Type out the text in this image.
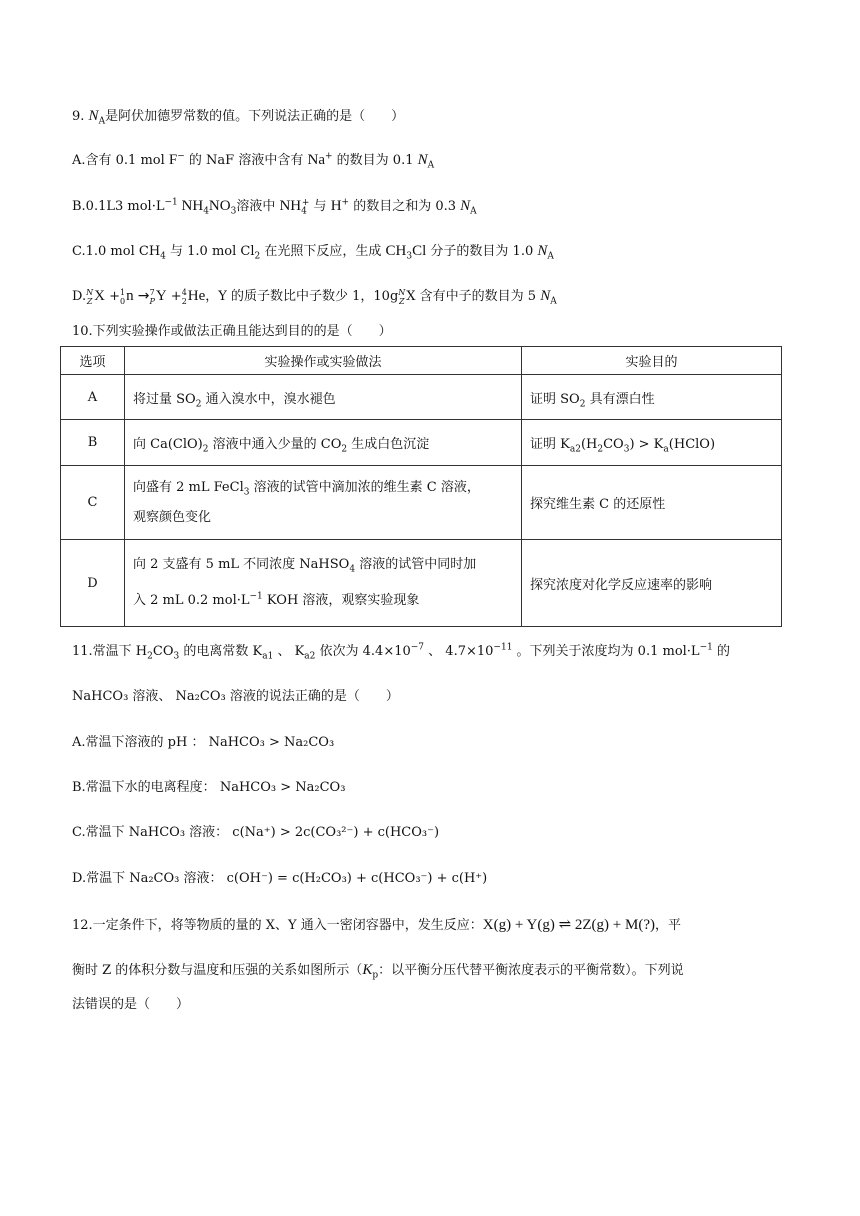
9. $N_A$是阿伏加德罗常数的值。下列说法正确的是（　　）
A.含有 0.1 mol F− 的 NaF 溶液中含有 Na+ 的数目为 0.1 $N_A$
B.0.1L3 $mol\cdot L^{-1}$ $NH_4NO_3$溶液中 $NH_4^+$ 与 H+ 的数目之和为 0.3 $N_A$
C.1.0 mol $CH_4$ 与 1.0 mol $Cl_2$ 在光照下反应，生成 $CH_3Cl$ 分子的数目为 1.0 $N_A$
D. N
Z X + 1
0 n → 7
P Y + 4
2 He，Y 的质子数比中子数少 1，10g N
Z X 含有中子的数目为 5 $N_A$
10.下列实验操作或做法正确且能达到目的的是（　　）
选项	实验操作或实验做法	实验目的
A	将过量 $SO_2$ 通入溴水中，溴水褪色	证明 $SO_2$ 具有漂白性
B	向 $Ca(ClO)_2$ 溶液中通入少量的 $CO_2$ 生成白色沉淀	证明 $K_{a2}(H_2CO_3)$ > $K_a(HClO)$
C	向盛有 2 mL FeCl$_3$ 溶液的试管中滴加浓的维生素 C 溶液，
观察颜色变化	探究维生素 C 的还原性
D	向 2 支盛有 5 mL 不同浓度 NaHSO$_4$ 溶液的试管中同时加
入 2 mL 0.2 $mol\cdot L^{-1}$ KOH 溶液，观察实验现象	探究浓度对化学反应速率的影响
11.常温下 $H_2CO_3$ 的电离常数 $K_{a1}$ 、 $K_{a2}$ 依次为 $4.4\times 10^{-7}$ 、 $4.7\times 10^{-11}$ 。下列关于浓度均为 0.1 $mol\cdot L^{-1}$ 的
NaHCO₃ 溶液、 Na₂CO₃ 溶液的说法正确的是（　　）
A.常温下溶液的 pH ： NaHCO₃ > Na₂CO₃
B.常温下水的电离程度： NaHCO₃ > Na₂CO₃
C.常温下 NaHCO₃ 溶液： c(Na⁺) > 2c(CO₃²⁻) + c(HCO₃⁻)
D.常温下 Na₂CO₃ 溶液： c(OH⁻) = c(H₂CO₃) + c(HCO₃⁻) + c(H⁺)
12.一定条件下，将等物质的量的 X、Y 通入一密闭容器中，发生反应：X(g) + Y(g) ⇌ 2Z(g) + M(?)，平
衡时 Z 的体积分数与温度和压强的关系如图所示（$K_p$：以平衡分压代替平衡浓度表示的平衡常数）。下列说
法错误的是（　　）
